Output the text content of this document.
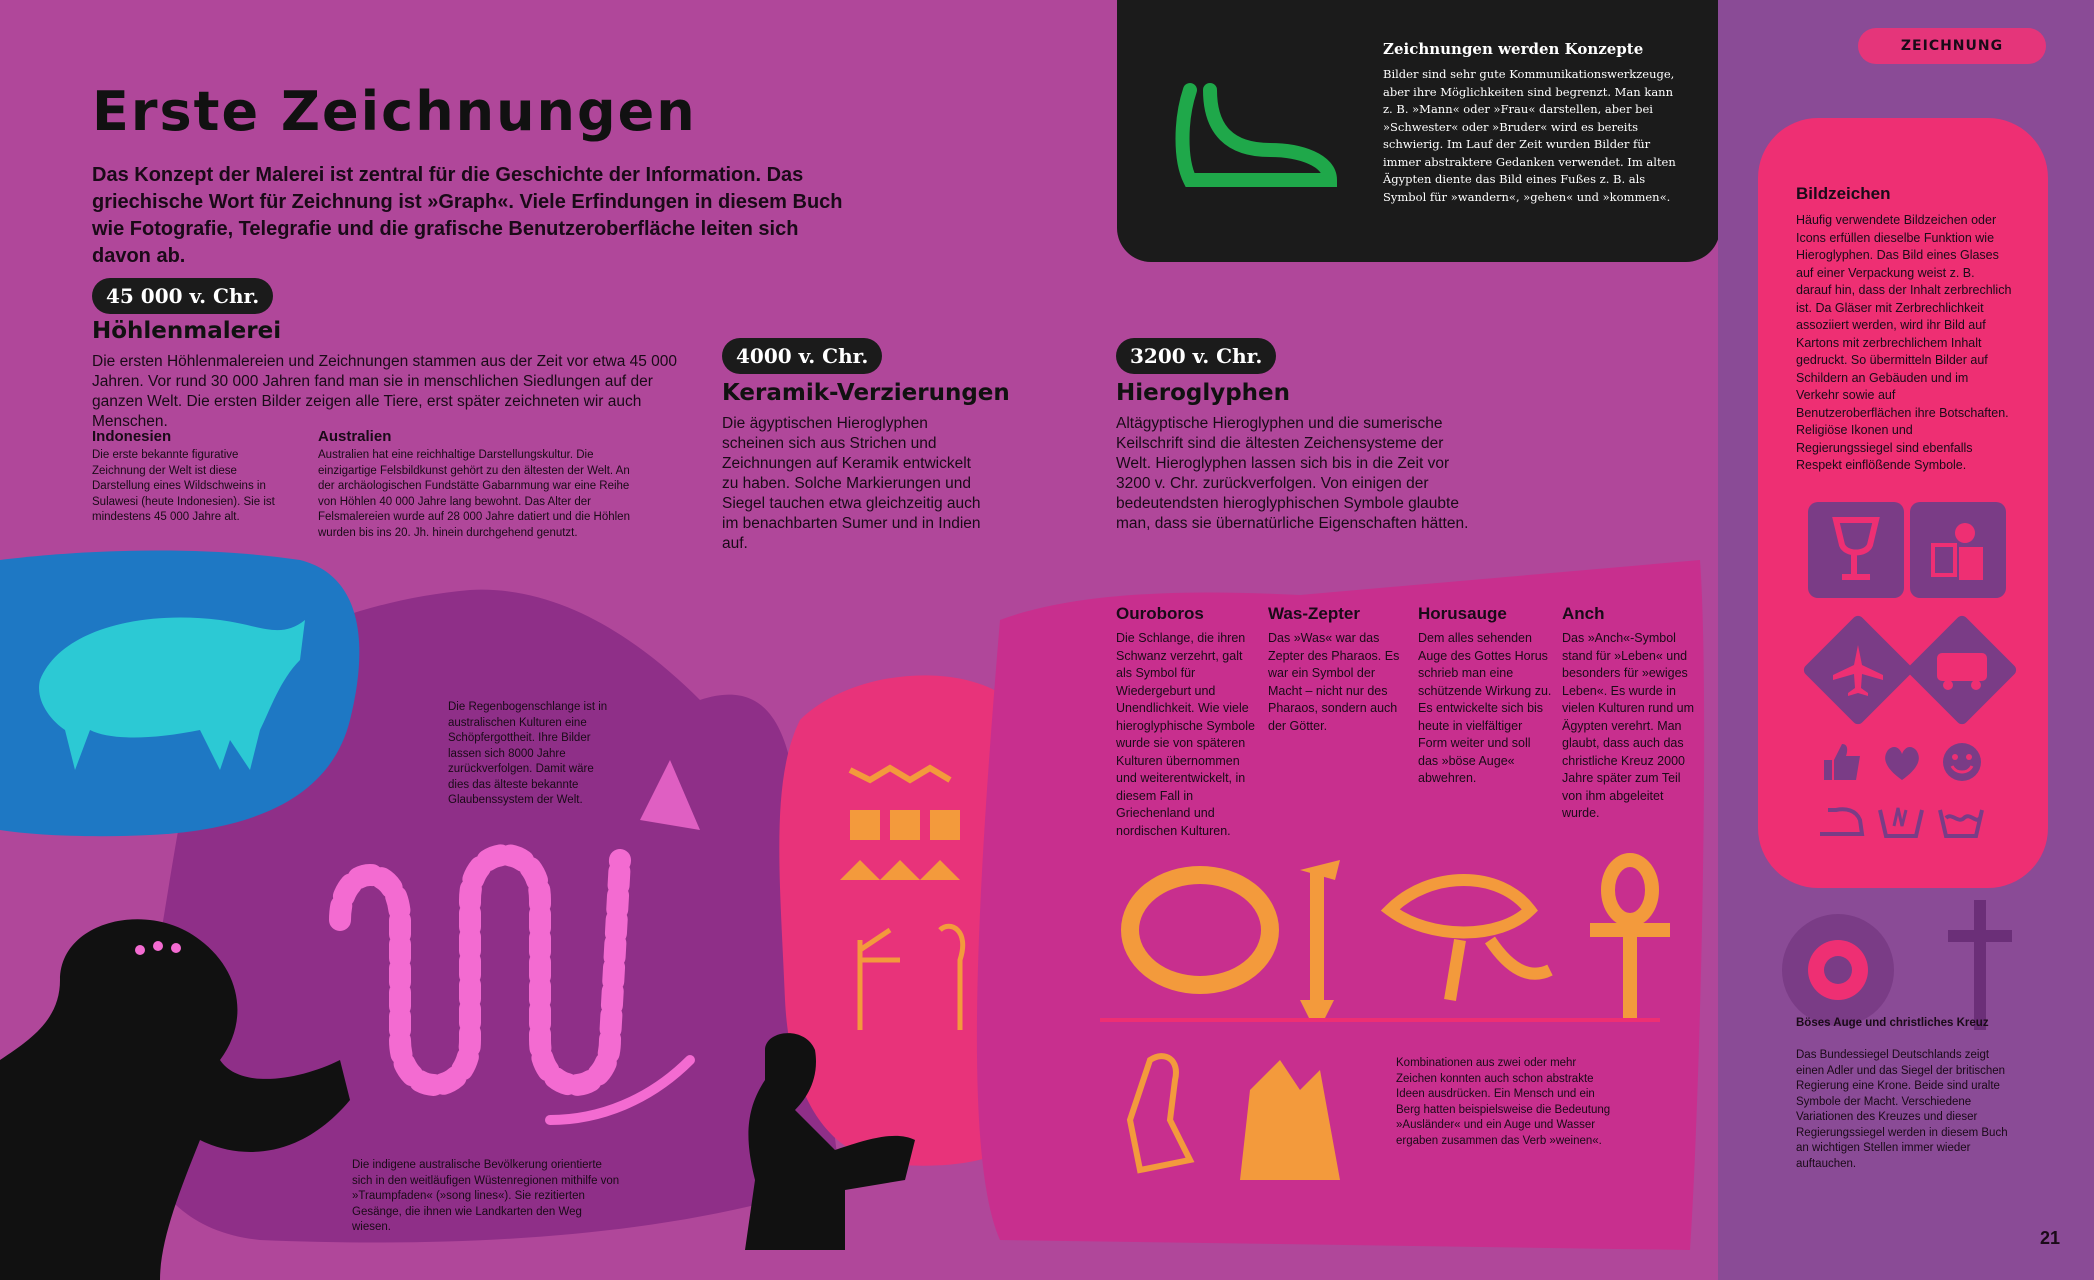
Erste Zeichnungen
Das Konzept der Malerei ist zentral für die Geschichte der Information. Das griechische Wort für Zeichnung ist »Graph«. Viele Erfindungen in diesem Buch wie Fotografie, Telegrafie und die grafische Benutzeroberfläche leiten sich davon ab.
45 000 v. Chr.
Höhlenmalerei
Die ersten Höhlenmalereien und Zeichnungen stammen aus der Zeit vor etwa 45 000 Jahren. Vor rund 30 000 Jahren fand man sie in menschlichen Siedlungen auf der ganzen Welt. Die ersten Bilder zeigen alle Tiere, erst später zeichneten wir auch Menschen.
Indonesien
Die erste bekannte figurative Zeichnung der Welt ist diese Darstellung eines Wildschweins in Sulawesi (heute Indonesien). Sie ist mindestens 45 000 Jahre alt.
Australien
Australien hat eine reichhaltige Darstellungskultur. Die einzigartige Felsbildkunst gehört zu den ältesten der Welt. An der archäologischen Fundstätte Gabarnmung war eine Reihe von Höhlen 40 000 Jahre lang bewohnt. Das Alter der Felsmalereien wurde auf 28 000 Jahre datiert und die Höhlen wurden bis ins 20. Jh. hinein durchgehend genutzt.
Die Regenbogenschlange ist in australischen Kulturen eine Schöpfergottheit. Ihre Bilder lassen sich 8000 Jahre zurückverfolgen. Damit wäre dies das älteste bekannte Glaubenssystem der Welt.
Die indigene australische Bevölkerung orientierte sich in den weitläufigen Wüstenregionen mithilfe von »Traumpfaden« (»song lines«). Sie rezitierten Gesänge, die ihnen wie Landkarten den Weg wiesen.
4000 v. Chr.
Keramik-Verzierungen
Die ägyptischen Hieroglyphen scheinen sich aus Strichen und Zeichnungen auf Keramik entwickelt zu haben. Solche Markierungen und Siegel tauchen etwa gleichzeitig auch im benachbarten Sumer und in Indien auf.
3200 v. Chr.
Hieroglyphen
Altägyptische Hieroglyphen und die sumerische Keilschrift sind die ältesten Zeichensysteme der Welt. Hieroglyphen lassen sich bis in die Zeit vor 3200 v. Chr. zurückverfolgen. Von einigen der bedeutendsten hieroglyphischen Symbole glaubte man, dass sie übernatürliche Eigenschaften hätten.
Ouroboros
Die Schlange, die ihren Schwanz verzehrt, galt als Symbol für Wiedergeburt und Unendlichkeit. Wie viele hieroglyphische Symbole wurde sie von späteren Kulturen übernommen und weiterentwickelt, in diesem Fall in Griechenland und nordischen Kulturen.
Was-Zepter
Das »Was« war das Zepter des Pharaos. Es war ein Symbol der Macht – nicht nur des Pharaos, sondern auch der Götter.
Horusauge
Dem alles sehenden Auge des Gottes Horus schrieb man eine schützende Wirkung zu. Es entwickelte sich bis heute in vielfältiger Form weiter und soll das »böse Auge« abwehren.
Anch
Das »Anch«-Symbol stand für »Leben« und besonders für »ewiges Leben«. Es wurde in vielen Kulturen rund um Ägypten verehrt. Man glaubt, dass auch das christliche Kreuz 2000 Jahre später zum Teil von ihm abgeleitet wurde.
Kombinationen aus zwei oder mehr Zeichen konnten auch schon abstrakte Ideen ausdrücken. Ein Mensch und ein Berg hatten beispielsweise die Bedeutung »Ausländer« und ein Auge und Wasser ergaben zusammen das Verb »weinen«.
Zeichnungen werden Konzepte
Bilder sind sehr gute Kommunikationswerkzeuge, aber ihre Möglichkeiten sind begrenzt. Man kann z. B. »Mann« oder »Frau« darstellen, aber bei »Schwester« oder »Bruder« wird es bereits schwierig. Im Lauf der Zeit wurden Bilder für immer abstraktere Gedanken verwendet. Im alten Ägypten diente das Bild eines Fußes z. B. als Symbol für »wandern«, »gehen« und »kommen«.
ZEICHNUNG
Bildzeichen
Häufig verwendete Bildzeichen oder Icons erfüllen dieselbe Funktion wie Hieroglyphen. Das Bild eines Glases auf einer Verpackung weist z. B. darauf hin, dass der Inhalt zerbrechlich ist. Da Gläser mit Zerbrechlichkeit assoziiert werden, wird ihr Bild auf Kartons mit zerbrechlichem Inhalt gedruckt. So übermitteln Bilder auf Schildern an Gebäuden und im Verkehr sowie auf Benutzeroberflächen ihre Botschaften. Religiöse Ikonen und Regierungssiegel sind ebenfalls Respekt einflößende Symbole.
Böses Auge und christliches Kreuz
Das Bundessiegel Deutschlands zeigt einen Adler und das Siegel der britischen Regierung eine Krone. Beide sind uralte Symbole der Macht. Verschiedene Variationen des Kreuzes und dieser Regierungssiegel werden in diesem Buch an wichtigen Stellen immer wieder auftauchen.
21
